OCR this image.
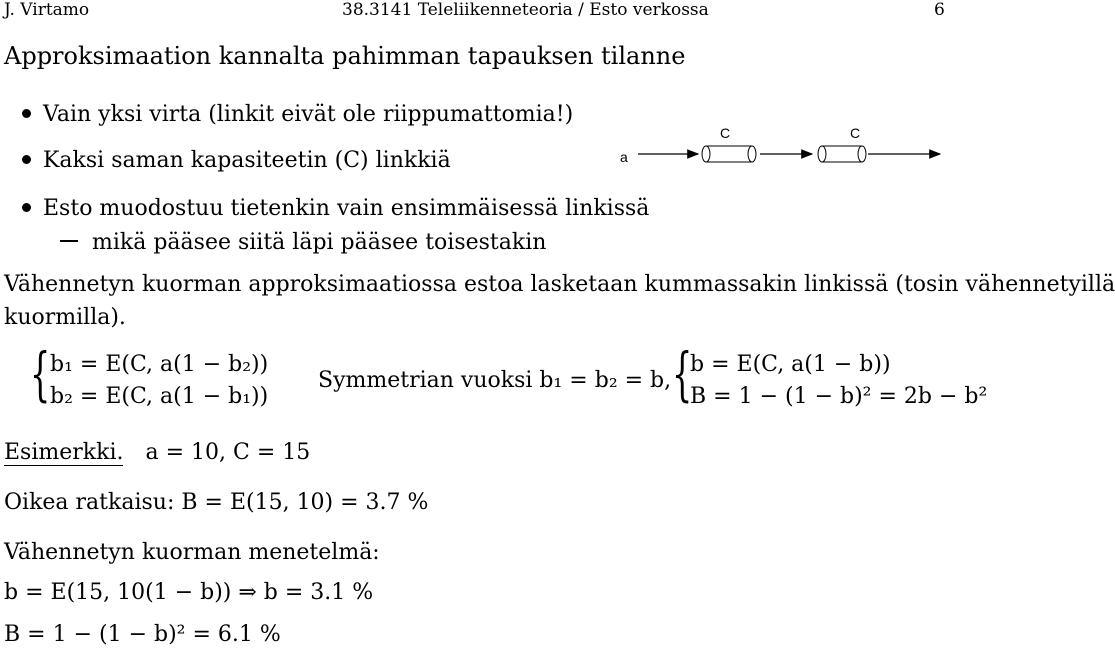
J. Virtamo	38.3141 Teleliikenneteoria / Esto verkossa	6
Approksimaation kannalta pahimman tapauksen tilanne
Vain yksi virta (linkit eivät ole riippumattomia!)
Kaksi saman kapasiteetin (C) linkkiä
Esto muodostuu tietenkin vain ensimmäisessä linkissä
mikä pääsee siitä läpi pääsee toisestakin
a
C	C
Vähennetyn kuorman approksimaatiossa estoa lasketaan kummassakin linkissä (tosin vähennetyillä
kuormilla).
{ b₁ = E(C, a(1 − b₂))
b₂ = E(C, a(1 − b₁))
Symmetrian vuoksi b₁ = b₂ = b, {
b = E(C, a(1 − b))
B = 1 − (1 − b)² = 2b − b²
Esimerkki. a = 10, C = 15
Oikea ratkaisu: B = E(15, 10) = 3.7 %
Vähennetyn kuorman menetelmä:
b = E(15, 10(1 − b)) ⇒ b = 3.1 %
B = 1 − (1 − b)² = 6.1 %
